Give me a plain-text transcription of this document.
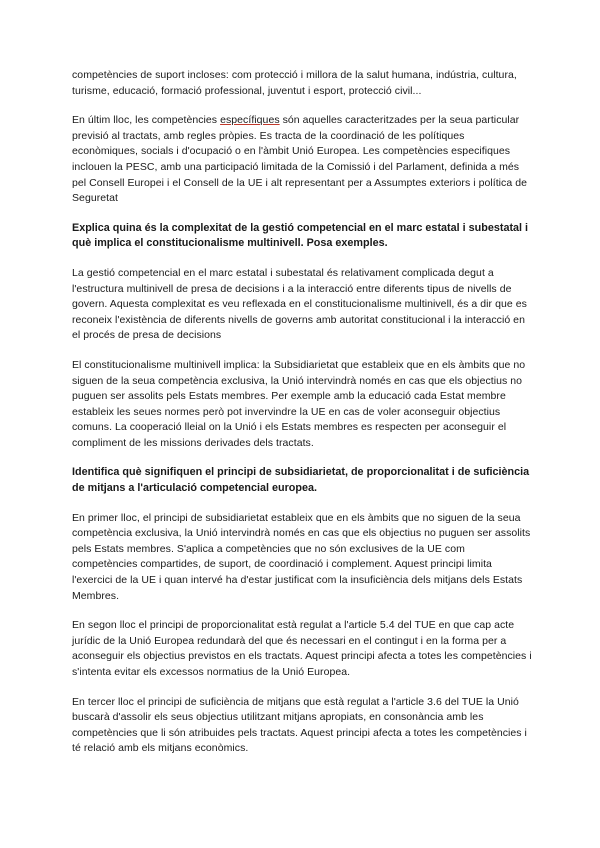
competències de suport incloses: com protecció i millora de la salut humana, indústria, cultura, turisme, educació, formació professional, juventut i esport, protecció civil...

En últim lloc, les competències específiques són aquelles caracteritzades per la seua particular previsió al tractats, amb regles pròpies. Es tracta de la coordinació de les polítiques econòmiques, socials i d'ocupació o en l'àmbit Unió Europea. Les competències especifiques inclouen la PESC, amb una participació limitada de la Comissió i del Parlament, definida a més pel Consell Europei i el Consell de la UE i alt representant per a Assumptes exteriors i política de Seguretat

Explica quina és la complexitat de la gestió competencial en el marc estatal i subestatal i què implica el constitucionalisme multinivell. Posa exemples.

La gestió competencial en el marc estatal i subestatal és relativament complicada degut a l'estructura multinivell de presa de decisions i a la interacció entre diferents tipus de nivells de govern. Aquesta complexitat es veu reflexada en el constitucionalisme multinivell, és a dir que es reconeix l'existència de diferents nivells de governs amb autoritat constitucional i la interacció en el procés de presa de decisions

El constitucionalisme multinivell implica: la Subsidiarietat que estableix que en els àmbits que no siguen de la seua competència exclusiva, la Unió intervindrà només en cas que els objectius no puguen ser assolits pels Estats membres. Per exemple amb la educació cada Estat membre estableix les seues normes però pot invervindre la UE en cas de voler aconseguir objectius comuns. La cooperació lleial on la Unió i els Estats membres es respecten per aconseguir el compliment de les missions derivades dels tractats.

Identifica què signifiquen el principi de subsidiarietat, de proporcionalitat i de suficiència de mitjans a l'articulació competencial europea.

En primer lloc, el principi de subsidiarietat estableix que en els àmbits que no siguen de la seua competència exclusiva, la Unió intervindrà només en cas que els objectius no puguen ser assolits pels Estats membres. S'aplica a competències que no són exclusives de la UE com competències compartides, de suport, de coordinació i complement. Aquest principi limita l'exercici de la UE i quan intervé ha d'estar justificat com la insuficiència dels mitjans dels Estats Membres.

En segon lloc el principi de proporcionalitat està regulat a l'article 5.4 del TUE en que cap acte jurídic de la Unió Europea redundarà del que és necessari en el contingut i en la forma per a aconseguir els objectius previstos en els tractats. Aquest principi afecta a totes les competències i s'intenta evitar els excessos normatius de la Unió Europea.

En tercer lloc el principi de suficiència de mitjans que està regulat a l'article 3.6 del TUE la Unió buscarà d'assolir els seus objectius utilitzant mitjans apropiats, en consonància amb les competències que li són atribuides pels tractats. Aquest principi afecta a totes les competències i té relació amb els mitjans econòmics.
